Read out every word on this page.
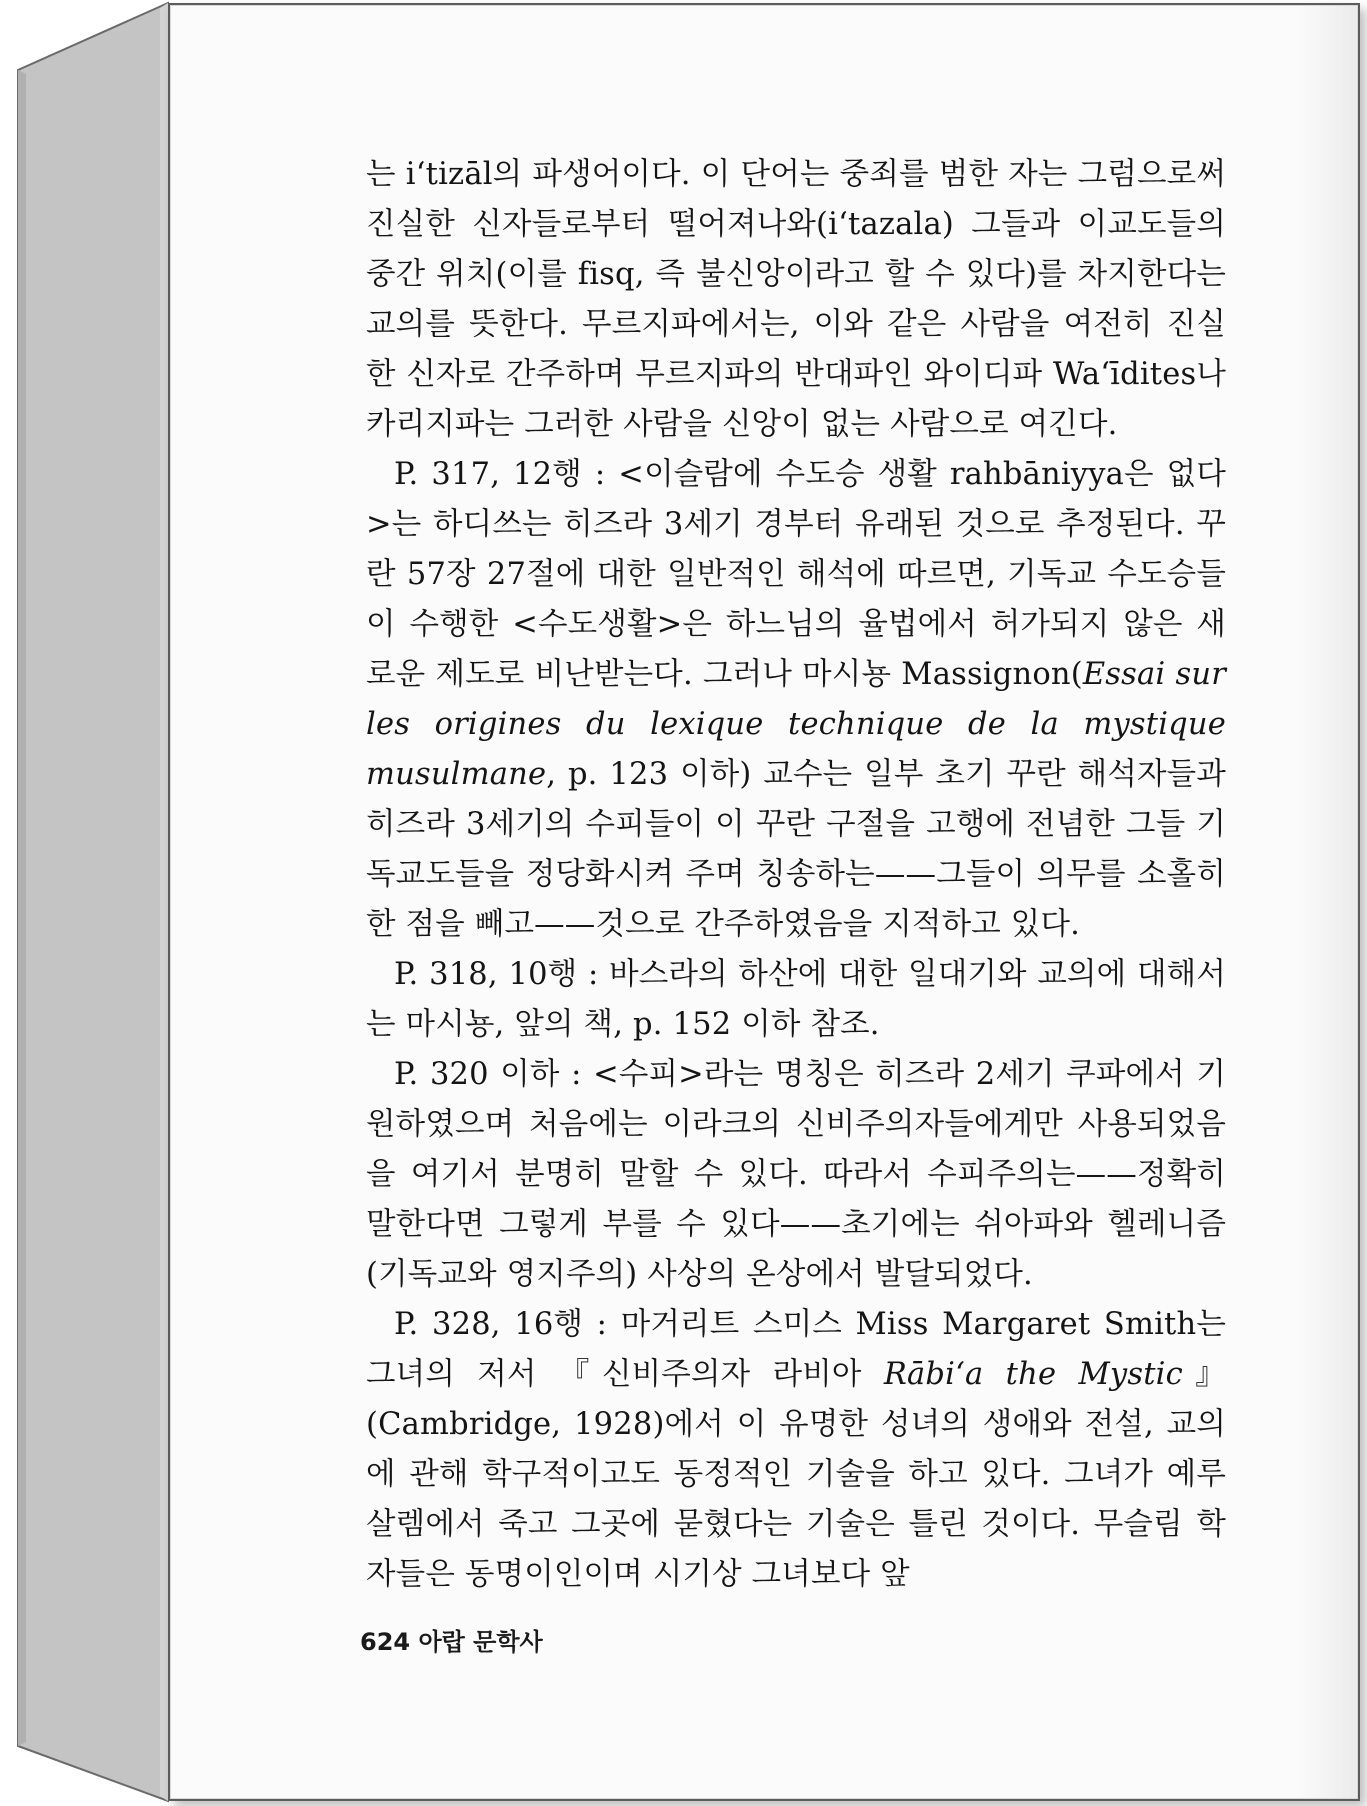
는 i‘tizāl의 파생어이다. 이 단어는 중죄를 범한 자는 그럼으로써 진실한 신자들로부터 떨어져나와(i‘tazala) 그들과 이교도들의 중간 위치(이를 fisq, 즉 불신앙이라고 할 수 있다)를 차지한다는 교의를 뜻한다. 무르지파에서는, 이와 같은 사람을 여전히 진실한 신자로 간주하며 무르지파의 반대파인 와이디파 Wa‘īdites나 카리지파는 그러한 사람을 신앙이 없는 사람으로 여긴다.

P. 317, 12행 : <이슬람에 수도승 생활 rahbāniyya은 없다>는 하디쓰는 히즈라 3세기 경부터 유래된 것으로 추정된다. 꾸란 57장 27절에 대한 일반적인 해석에 따르면, 기독교 수도승들이 수행한 <수도생활>은 하느님의 율법에서 허가되지 않은 새로운 제도로 비난받는다. 그러나 마시뇽 Massignon(Essai sur les origines du lexique technique de la mystique musulmane, p. 123 이하) 교수는 일부 초기 꾸란 해석자들과 히즈라 3세기의 수피들이 이 꾸란 구절을 고행에 전념한 그들 기독교도들을 정당화시켜 주며 칭송하는——그들이 의무를 소홀히 한 점을 빼고——것으로 간주하였음을 지적하고 있다.

P. 318, 10행 : 바스라의 하산에 대한 일대기와 교의에 대해서는 마시뇽, 앞의 책, p. 152 이하 참조.

P. 320 이하 : <수피>라는 명칭은 히즈라 2세기 쿠파에서 기원하였으며 처음에는 이라크의 신비주의자들에게만 사용되었음을 여기서 분명히 말할 수 있다. 따라서 수피주의는——정확히 말한다면 그렇게 부를 수 있다——초기에는 쉬아파와 헬레니즘(기독교와 영지주의) 사상의 온상에서 발달되었다.

P. 328, 16행 : 마거리트 스미스 Miss Margaret Smith는 그녀의 저서 『신비주의자 라비아 Rābi‘a the Mystic』(Cambridge, 1928)에서 이 유명한 성녀의 생애와 전설, 교의에 관해 학구적이고도 동정적인 기술을 하고 있다. 그녀가 예루살렘에서 죽고 그곳에 묻혔다는 기술은 틀린 것이다. 무슬림 학자들은 동명이인이며 시기상 그녀보다 앞

624 아랍 문학사
